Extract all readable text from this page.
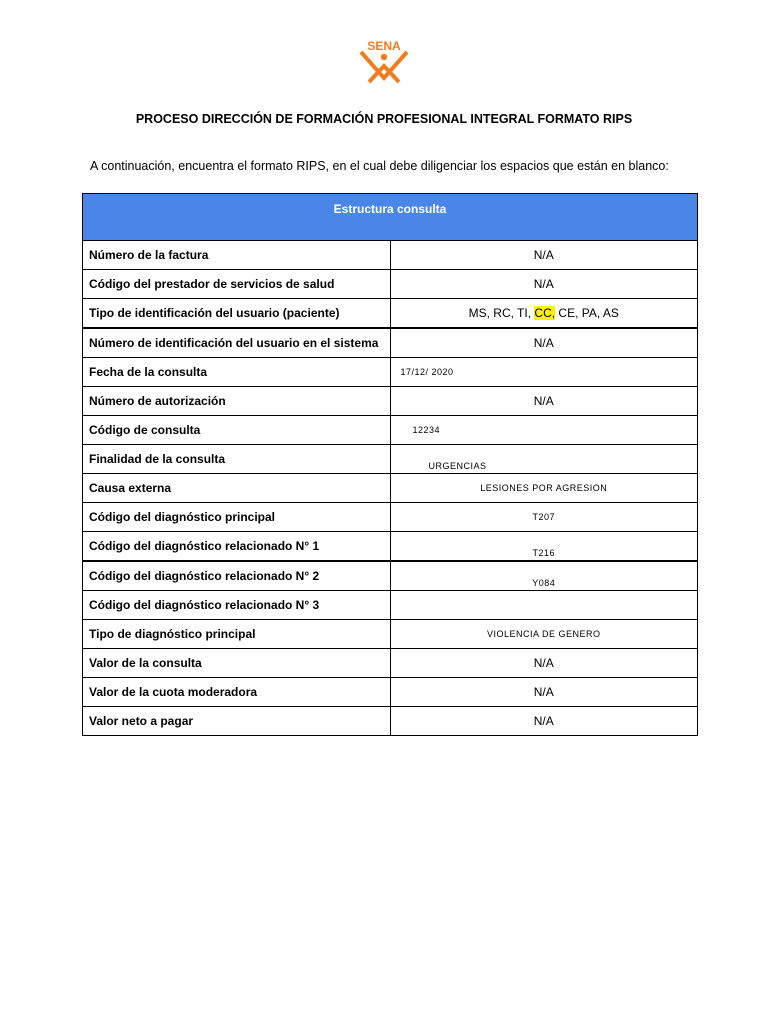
SENA
PROCESO DIRECCIÓN DE FORMACIÓN PROFESIONAL INTEGRAL FORMATO RIPS
A continuación, encuentra el formato RIPS, en el cual debe diligenciar los espacios que están en blanco:
Estructura consulta	
Número de la factura	N/A
Código del prestador de servicios de salud	N/A
Tipo de identificación del usuario (paciente)	MS, RC, TI, CC, CE, PA, AS
Número de identificación del usuario en el sistema	N/A
Fecha de la consulta	17/12/ 2020
Número de autorización	N/A
Código de consulta	12234
Finalidad de la consulta	URGENCIAS
Causa externa	LESIONES POR AGRESION
Código del diagnóstico principal	T207
Código del diagnóstico relacionado N° 1	T216
Código del diagnóstico relacionado N° 2	Y084
Código del diagnóstico relacionado N° 3	
Tipo de diagnóstico principal	VIOLENCIA DE GENERO
Valor de la consulta	N/A
Valor de la cuota moderadora	N/A
Valor neto a pagar	N/A
